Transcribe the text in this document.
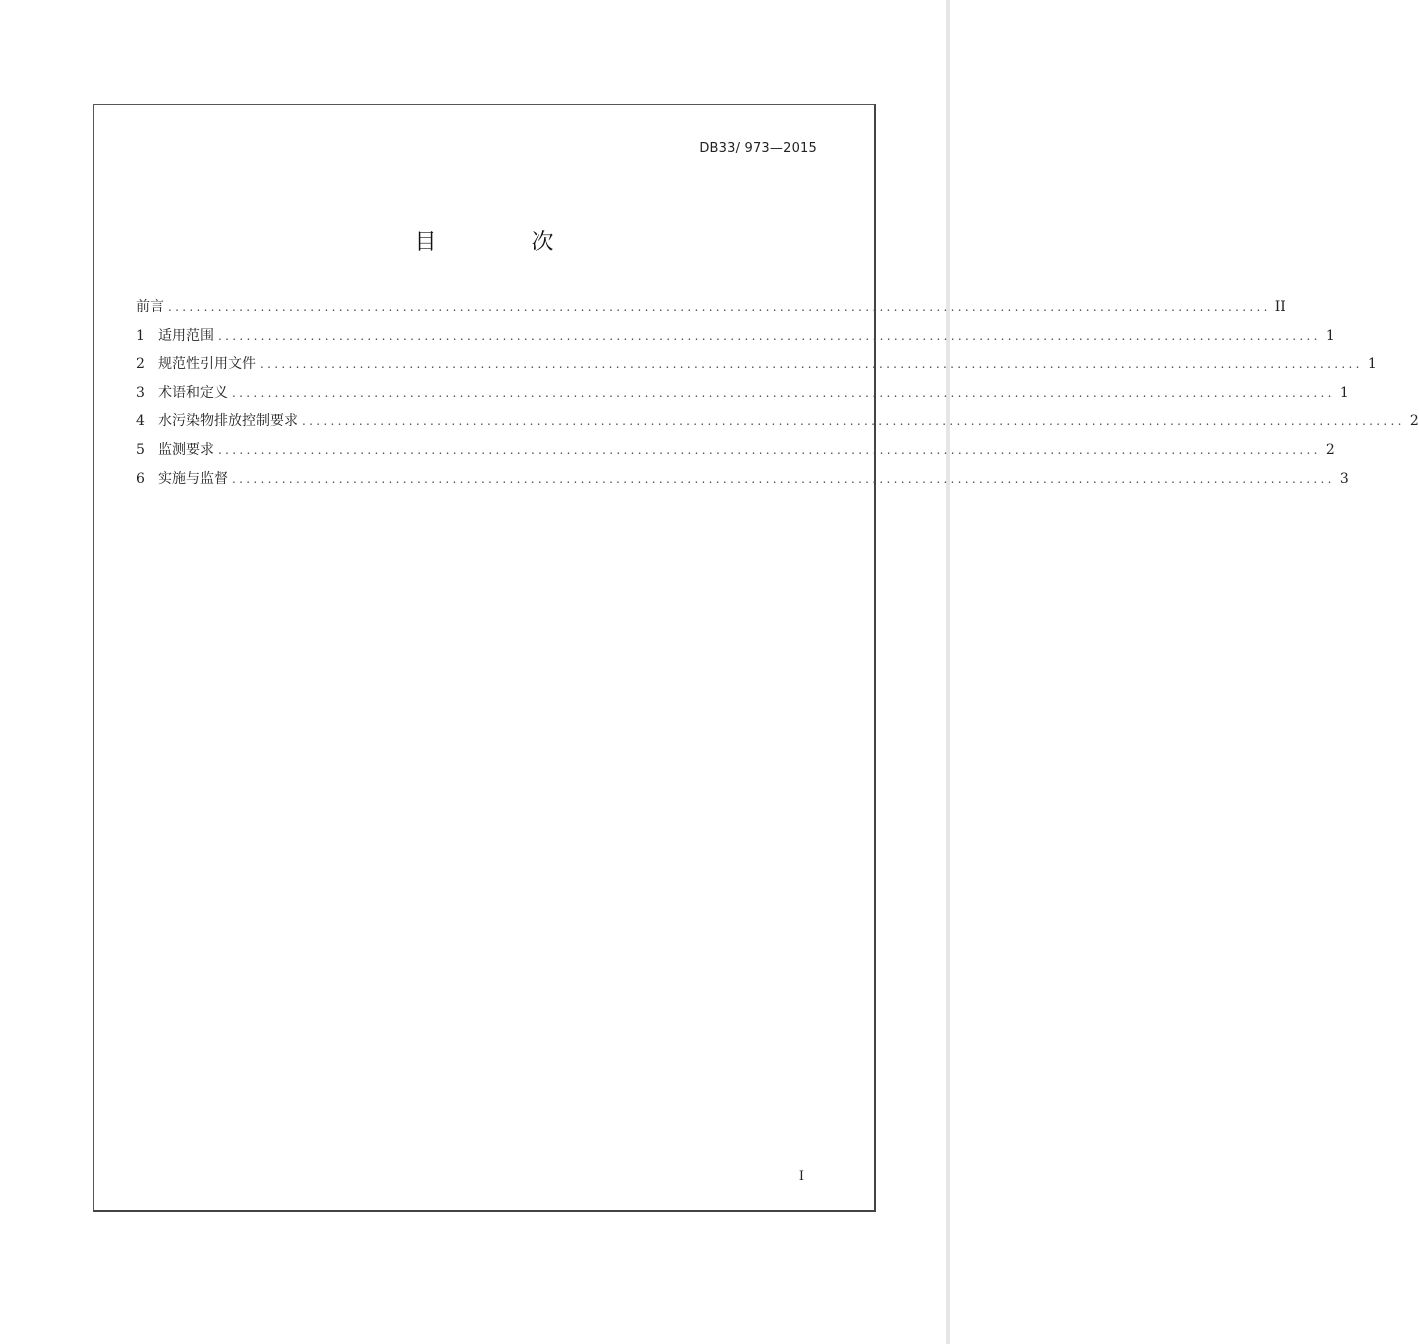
DB33/ 973—2015
目 次
前言 ........................................................................................................................................................... II
1 适用范围 ........................................................................................................................................................... 1
2 规范性引用文件 ........................................................................................................................................................... 1
3 术语和定义 ........................................................................................................................................................... 1
4 水污染物排放控制要求 ........................................................................................................................................................... 2
5 监测要求 ........................................................................................................................................................... 2
6 实施与监督 ........................................................................................................................................................... 3
I
